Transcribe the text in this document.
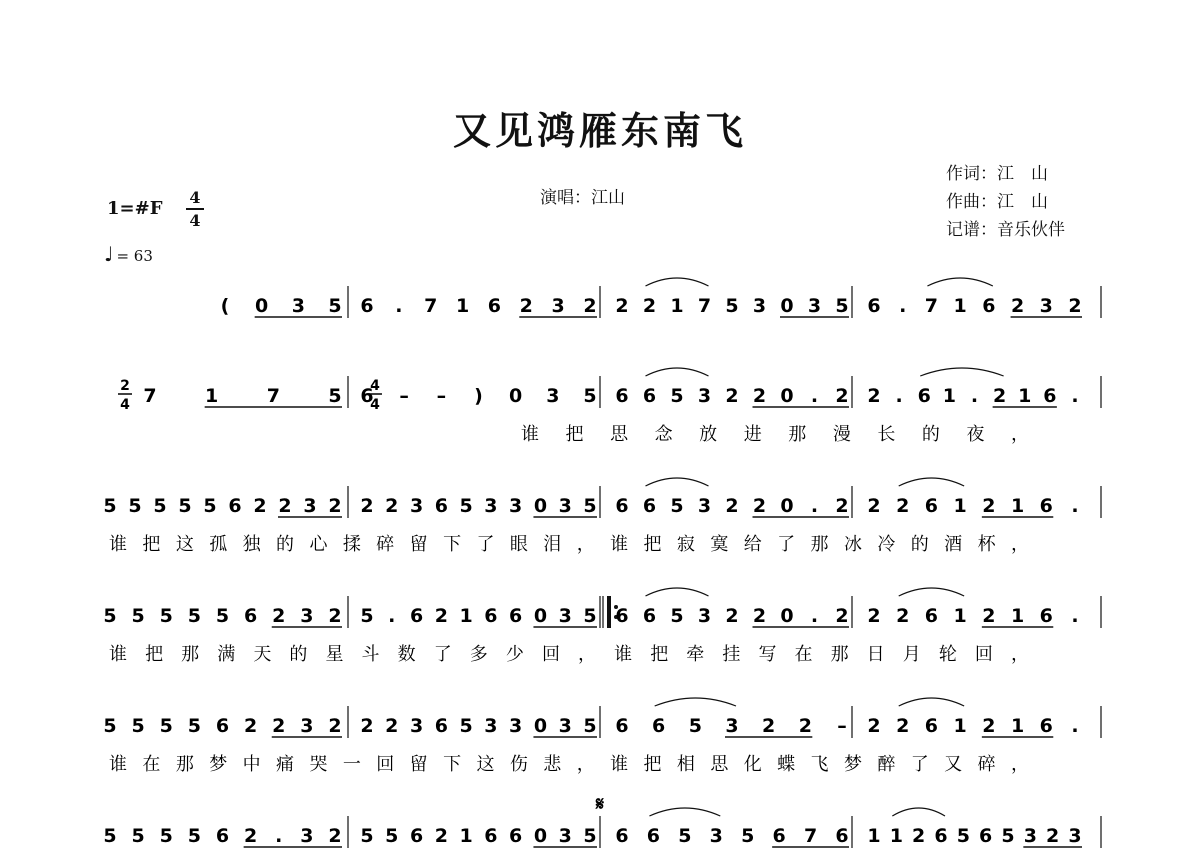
又见鸿雁东南飞
演唱：江山
作词：江　山
作曲：江　山
记谱：音乐伙伴
1=#F
4
4
♩ = 63
( 0 3 5 6 . 7 1 6 2 3 2 2 2 1 7 5 3 0 3 5 6 . 7 1 6 2 3 2
2
4
4
4
7	1	7	5 6 – – ) 0 3 5 6 6 5 3 2 2 0 . 2 2 . 6 1 . 2 1 6 .
谁 把 思 念 放 进 那 漫 长 的 夜 ，
5 5 5 5 5 6 2 2 3 2 2 2 3 6 5 3 3 0 3 5 6 6 5 3 2 2 0 . 2 2 2 6 1 2 1 6 .
谁 把 这 孤 独 的 心 揉 碎 留 下 了 眼 泪 ， 谁 把 寂 寞 给 了 那 冰 冷 的 酒 杯 ，
5 5 5 5 5 6 2 3 2 5 . 6 2 1 6 6 0 3 5 6 6 5 3 2 2 0 . 2 2 2 6 1 2 1 6 .
谁 把 那 满 天 的 星 斗 数 了 多 少 回 ， 谁 把 牵 挂 写 在 那 日 月 轮 回 ，
5 5 5 5 6 2 2 3 2 2 2 3 6 5 3 3 0 3 5 6 6 5 3 2 2 – 2 2 6 1 2 1 6 .
谁 在 那 梦 中 痛 哭 一 回 留 下 这 伤 悲 ， 谁 把 相 思 化 蝶 飞 梦 醉 了 又 碎 ，
5 5 5 5 6 2 . 3 2 5 5 6 2 1 6 6 0 3 5 6 6 5 3 5 6 7 6 1 1 2 6 5 6 5 3 2 3
𝄋
